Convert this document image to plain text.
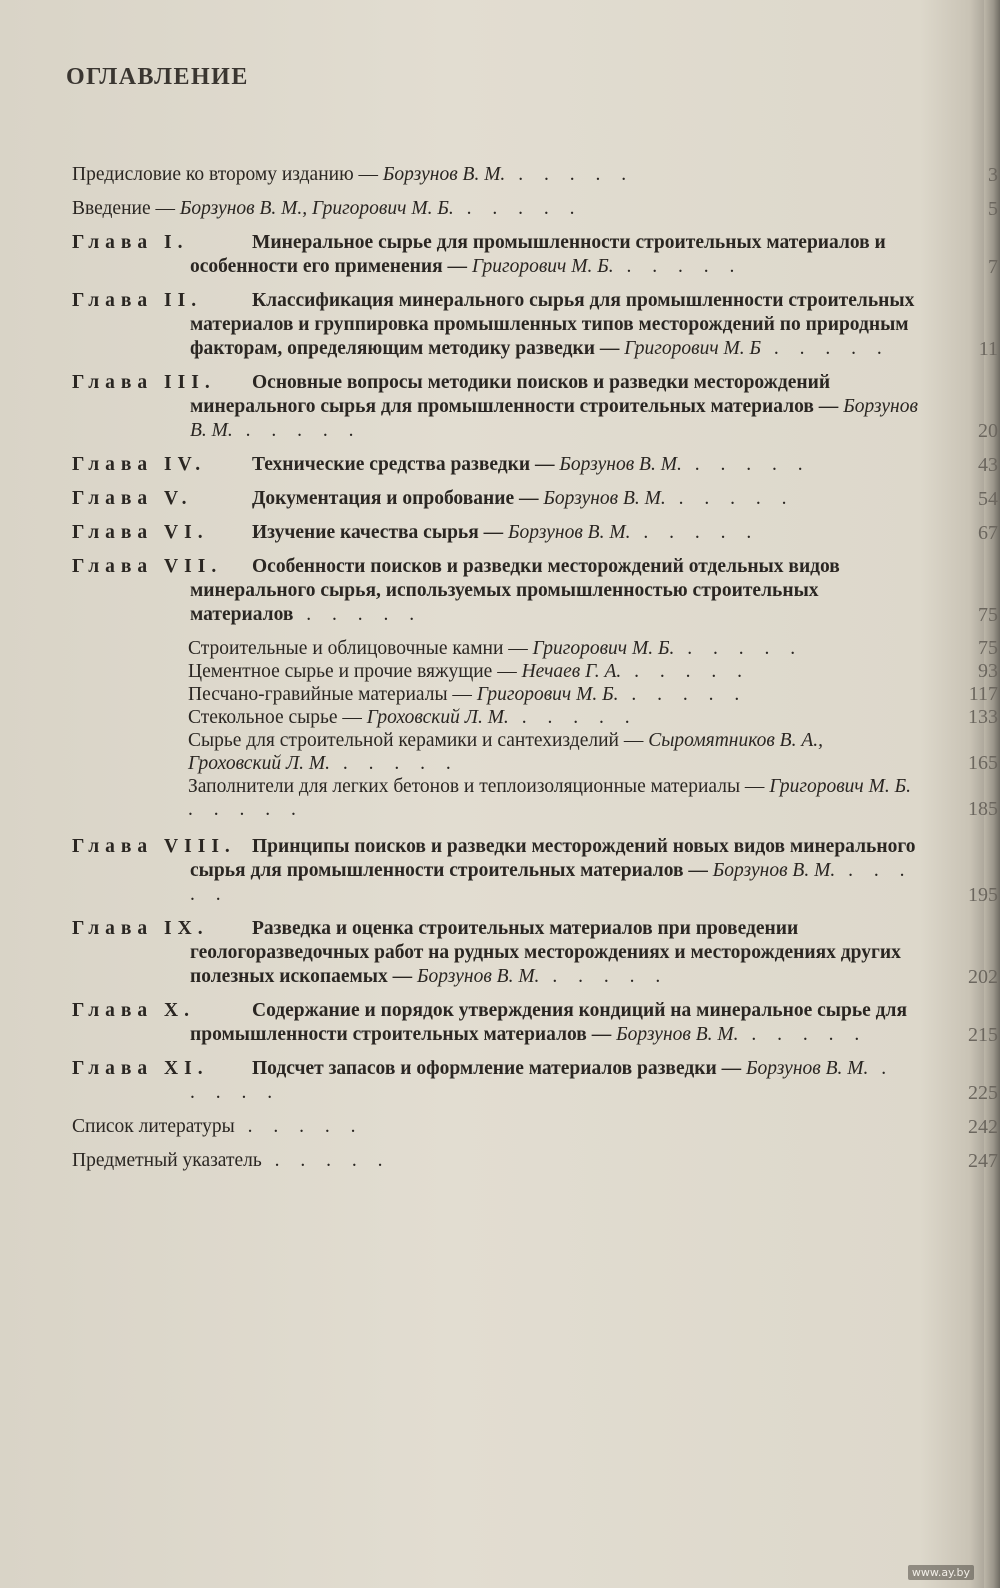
ОГЛАВЛЕНИЕ
Предисловие ко второму изданию — Борзунов В. М. . . . . .	3
Введение — Борзунов В. М., Григорович М. Б. . . . . .	5
Глава I.	Минеральное сырье для промышленности строительных материалов и особенности его применения — Григорович М. Б. . . . . .	7
Глава II.	Классификация минерального сырья для промышленности строительных материалов и группировка промышленных типов месторождений по природным факторам, определяющим методику разведки — Григорович М. Б . . . . .	11
Глава III.	Основные вопросы методики поисков и разведки месторождений минерального сырья для промышленности строительных материалов — Борзунов В. М. . . . . .	20
Глава IV.	Технические средства разведки — Борзунов В. М. . . . . .	43
Глава V.	Документация и опробование — Борзунов В. М. . . . . .	54
Глава VI.	Изучение качества сырья — Борзунов В. М. . . . . .	67
Глава VII.	Особенности поисков и разведки месторождений отдельных видов минерального сырья, используемых промышленностью строительных материалов . . . . .	75
Строительные и облицовочные камни — Григорович М. Б. . . . . .	75
Цементное сырье и прочие вяжущие — Нечаев Г. А. . . . . .	93
Песчано-гравийные материалы — Григорович М. Б. . . . . .	117
Стекольное сырье — Гроховский Л. М. . . . . .	133
Сырье для строительной керамики и сантехизделий — Сыромятников В. А., Гроховский Л. М. . . . . .	165
Заполнители для легких бетонов и теплоизоляционные материалы — Григорович М. Б. . . . . .	185
Глава VIII. Принципы поисков и разведки месторождений новых видов минерального сырья для промышленности строительных материалов — Борзунов В. М. . . . . .	195
Глава IX.	Разведка и оценка строительных материалов при проведении геологоразведочных работ на рудных месторождениях и месторождениях других полезных ископаемых — Борзунов В. М. . . . . .	202
Глава X.	Содержание и порядок утверждения кондиций на минеральное сырье для промышленности строительных материалов — Борзунов В. М. . . . . .	215
Глава XI.	Подсчет запасов и оформление материалов разведки — Борзунов В. М. . . . . .	225
Список литературы . . . . .	242
Предметный указатель . . . . .	247
www.ay.by
